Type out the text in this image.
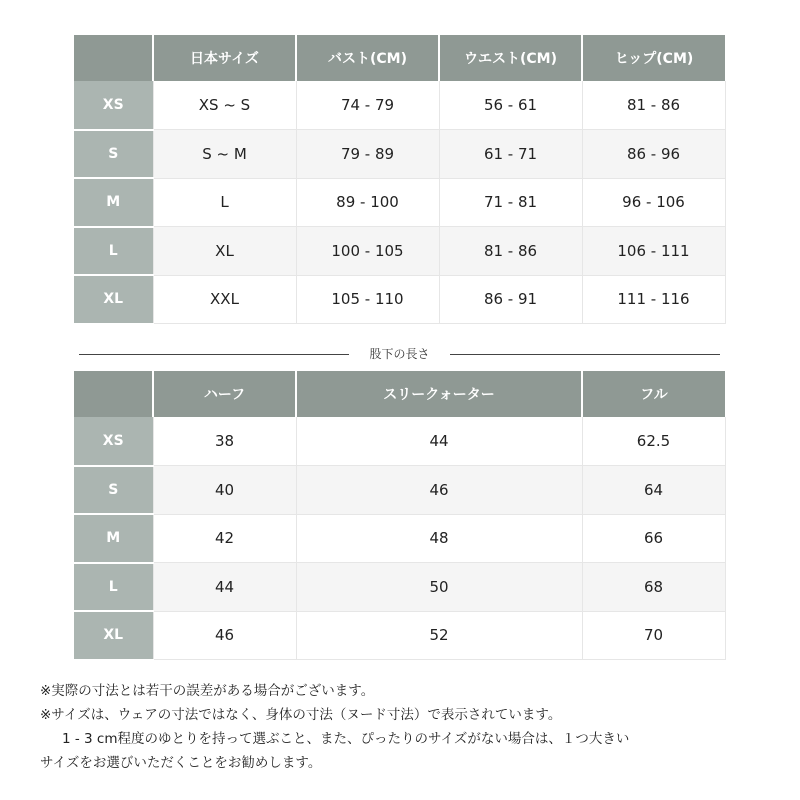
	日本サイズ	バスト(CM)	ウエスト(CM)	ヒップ(CM)
XS	XS ~ S	74 - 79	56 - 61	81 - 86
S	S ~ M	79 - 89	61 - 71	86 - 96
M	L	89 - 100	71 - 81	96 - 106
L	XL	100 - 105	81 - 86	106 - 111
XL	XXL	105 - 110	86 - 91	111 - 116
股下の長さ
	ハーフ	スリークォーター	フル
XS	38	44	62.5
S	40	46	64
M	42	48	66
L	44	50	68
XL	46	52	70
※実際の寸法とは若干の誤差がある場合がございます。
※サイズは、ウェアの寸法ではなく、身体の寸法（ヌード寸法）で表示されています。
1 - 3 cm程度のゆとりを持って選ぶこと、また、ぴったりのサイズがない場合は、１つ大きい
サイズをお選びいただくことをお勧めします。
